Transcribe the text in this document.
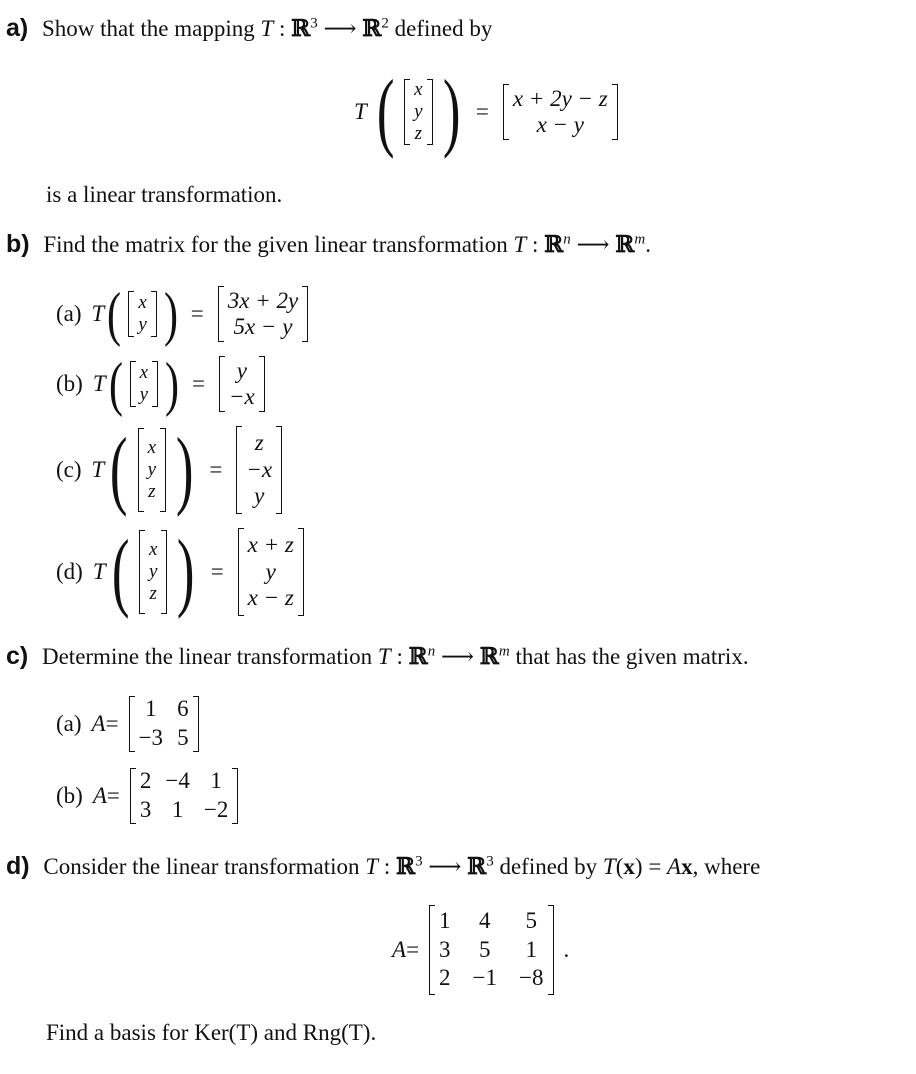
a) Show that the mapping T : ℝ$^3$ ⟶ ℝ$^2$ defined by
T ( x
y
z ) =
x + 2y − z
x − y
is a linear transformation.
b) Find the matrix for the given linear transformation T : ℝ$^n$ ⟶ ℝ$^m$.
(a) T ( x
y ) =
3x + 2y
5x − y
(b) T ( x
y ) =
y
−x
(c) T ( x
y
z ) =
z
−x
y
(d) T ( x
y
z ) =
x + z
y
x − z
c) Determine the linear transformation T : ℝ$^n$ ⟶ ℝ$^m$ that has the given matrix.
(a) A =
1 6
−3 5
(b) A =
2 −4 1
3 1 −2
d) Consider the linear transformation T : ℝ$^3$ ⟶ ℝ$^3$ defined by T(x) = Ax, where
A =
1 4 5
3 5 1
2 −1 −8
.
Find a basis for Ker(T) and Rng(T).
